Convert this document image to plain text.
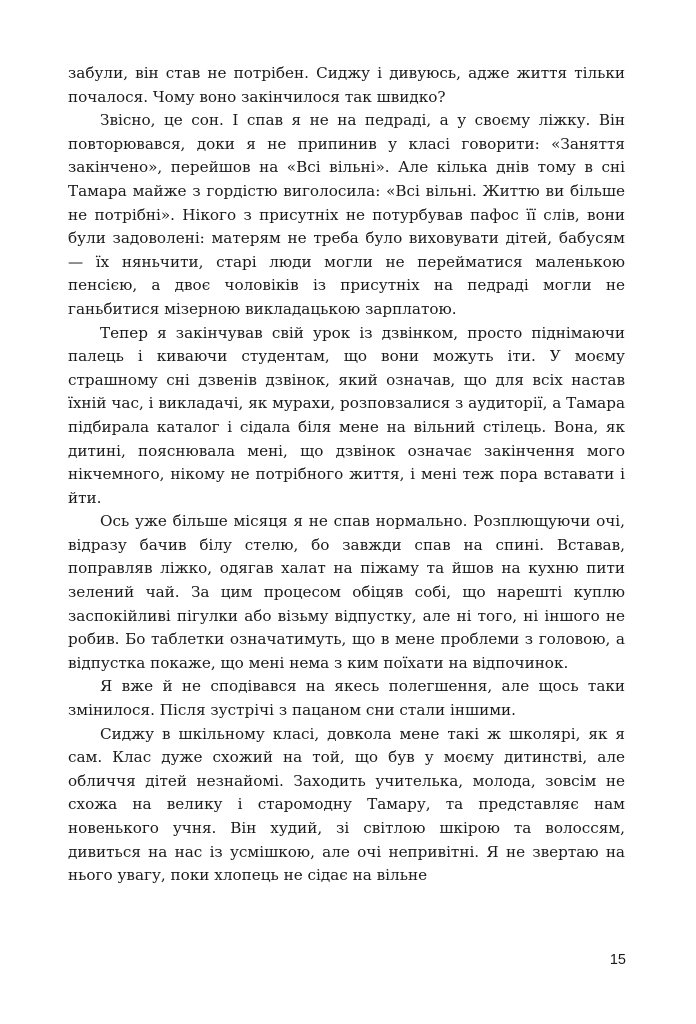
забули, він став не потрібен. Сиджу і дивуюсь, адже життя тільки почалося. Чому воно закінчилося так швидко?

Звісно, це сон. І спав я не на педраді, а у своєму ліжку. Він повторювався, доки я не припинив у класі говорити: «Заняття закінчено», перейшов на «Всі вільні». Але кілька днів тому в сні Тамара майже з гордістю виголосила: «Всі вільні. Життю ви більше не потрібні». Нікого з присутніх не потурбував пафос її слів, вони були задоволені: матерям не треба було виховувати дітей, бабусям — їх няньчити, старі люди могли не перейматися маленькою пенсією, а двоє чоловіків із присутніх на педраді могли не ганьбитися мізерною викладацькою зарплатою.

Тепер я закінчував свій урок із дзвінком, просто піднімаючи палець і киваючи студентам, що вони можуть іти. У моєму страшному сні дзвенів дзвінок, який означав, що для всіх настав їхній час, і викладачі, як мурахи, розповзалися з аудиторії, а Тамара підбирала каталог і сідала біля мене на вільний стілець. Вона, як дитині, пояснювала мені, що дзвінок означає закінчення мого нікчемного, нікому не потрібного життя, і мені теж пора вставати і йти.

Ось уже більше місяця я не спав нормально. Розплющуючи очі, відразу бачив білу стелю, бо завжди спав на спині. Вставав, поправляв ліжко, одягав халат на піжаму та йшов на кухню пити зелений чай. За цим процесом обіцяв собі, що нарешті куплю заспокійливі пігулки або візьму відпустку, але ні того, ні іншого не робив. Бо таблетки означатимуть, що в мене проблеми з головою, а відпустка покаже, що мені нема з ким поїхати на відпочинок.

Я вже й не сподівався на якесь полегшення, але щось таки змінилося. Після зустрічі з пацаном сни стали іншими.

Сиджу в шкільному класі, довкола мене такі ж школярі, як я сам. Клас дуже схожий на той, що був у моєму дитинстві, але обличчя дітей незнайомі. Заходить учителька, молода, зовсім не схожа на велику і старомодну Тамару, та представляє нам новенького учня. Він худий, зі світлою шкірою та волоссям, дивиться на нас із усмішкою, але очі непривітні. Я не звертаю на нього увагу, поки хлопець не сідає на вільне

15
